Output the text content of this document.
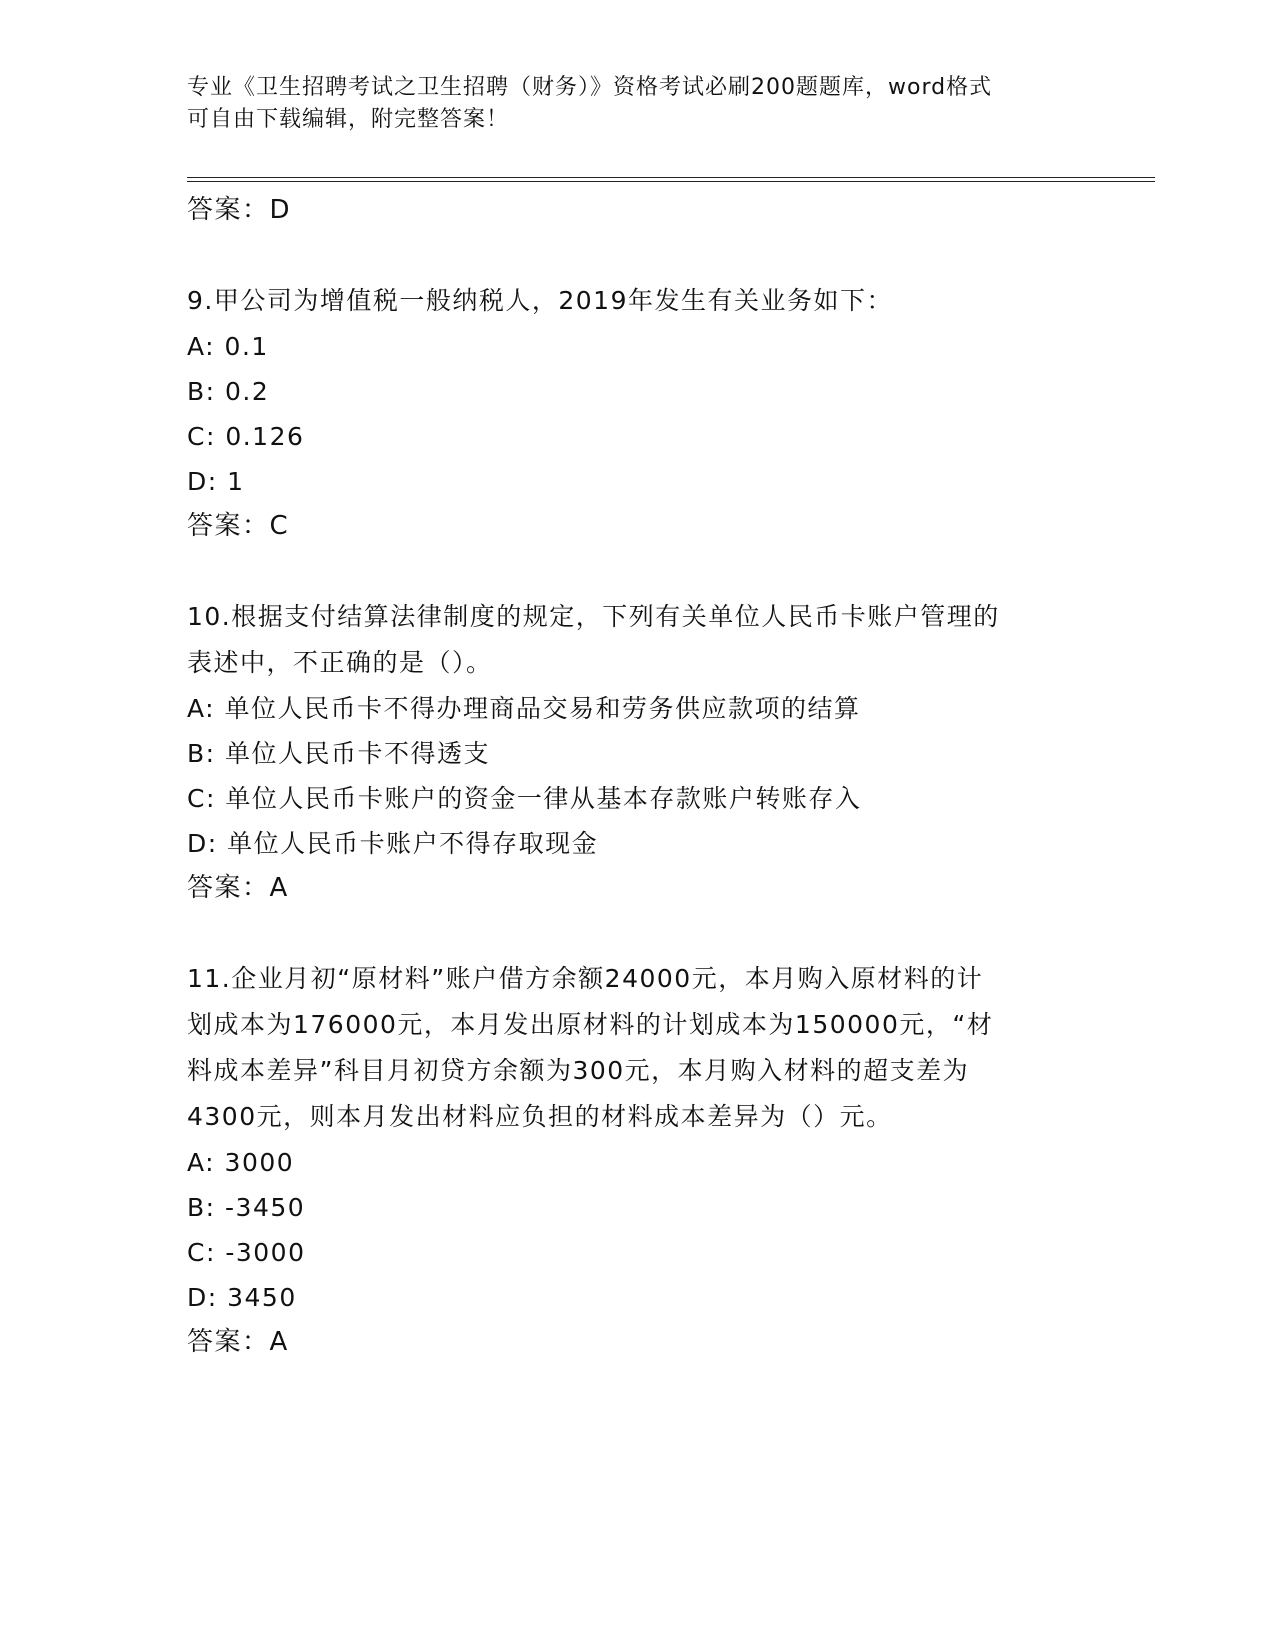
专业《卫生招聘考试之卫生招聘（财务）》资格考试必刷200题题库，word格式
可自由下载编辑，附完整答案！
答案：D
9.甲公司为增值税一般纳税人，2019年发生有关业务如下：
A: 0.1
B: 0.2
C: 0.126
D: 1
答案：C
10.根据支付结算法律制度的规定，下列有关单位人民币卡账户管理的
表述中，不正确的是（）。
A: 单位人民币卡不得办理商品交易和劳务供应款项的结算
B: 单位人民币卡不得透支
C: 单位人民币卡账户的资金一律从基本存款账户转账存入
D: 单位人民币卡账户不得存取现金
答案：A
11.企业月初“原材料”账户借方余额24000元，本月购入原材料的计
划成本为176000元，本月发出原材料的计划成本为150000元，“材
料成本差异”科目月初贷方余额为300元，本月购入材料的超支差为
4300元，则本月发出材料应负担的材料成本差异为（）元。
A: 3000
B: -3450
C: -3000
D: 3450
答案：A
